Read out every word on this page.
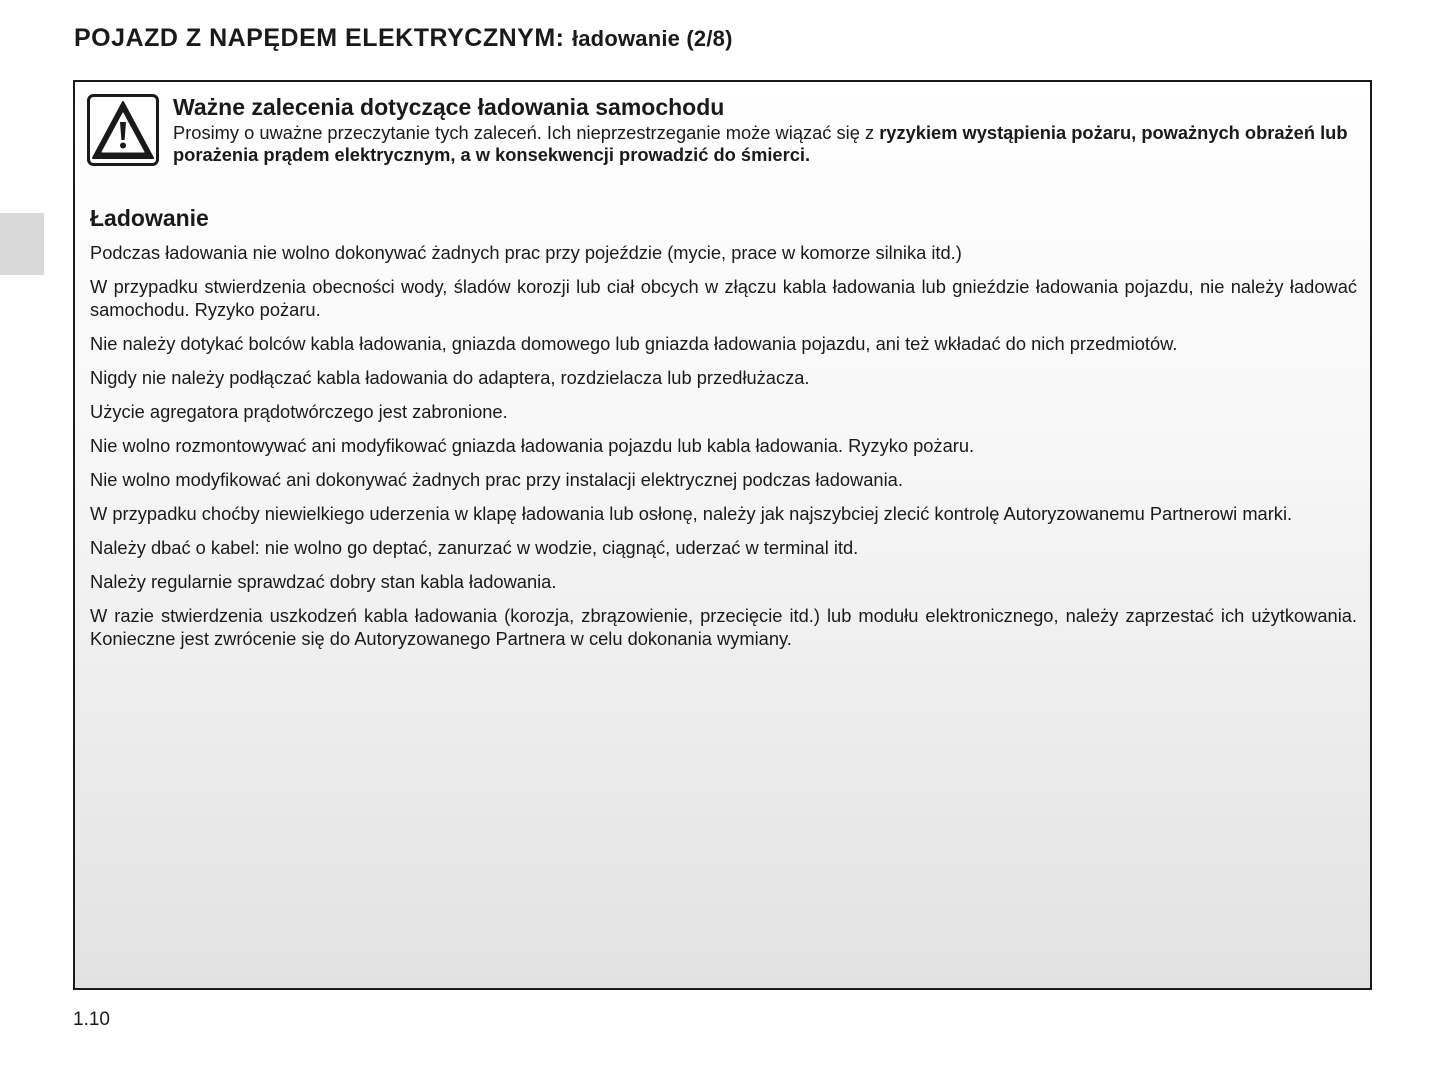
POJAZD Z NAPĘDEM ELEKTRYCZNYM: ładowanie (2/8)
Ważne zalecenia dotyczące ładowania samochodu

Prosimy o uważne przeczytanie tych zaleceń. Ich nieprzestrzeganie może wiązać się z ryzykiem wystąpienia pożaru, poważnych obrażeń lub porażenia prądem elektrycznym, a w konsekwencji prowadzić do śmierci.

Ładowanie

Podczas ładowania nie wolno dokonywać żadnych prac przy pojeździe (mycie, prace w komorze silnika itd.)

W przypadku stwierdzenia obecności wody, śladów korozji lub ciał obcych w złączu kabla ładowania lub gnieździe ładowania pojazdu, nie należy ładować samochodu. Ryzyko pożaru.

Nie należy dotykać bolców kabla ładowania, gniazda domowego lub gniazda ładowania pojazdu, ani też wkładać do nich przedmiotów.

Nigdy nie należy podłączać kabla ładowania do adaptera, rozdzielacza lub przedłużacza.

Użycie agregatora prądotwórczego jest zabronione.

Nie wolno rozmontowywać ani modyfikować gniazda ładowania pojazdu lub kabla ładowania. Ryzyko pożaru.

Nie wolno modyfikować ani dokonywać żadnych prac przy instalacji elektrycznej podczas ładowania.

W przypadku choćby niewielkiego uderzenia w klapę ładowania lub osłonę, należy jak najszybciej zlecić kontrolę Autoryzowanemu Partnerowi marki.

Należy dbać o kabel: nie wolno go deptać, zanurzać w wodzie, ciągnąć, uderzać w terminal itd.

Należy regularnie sprawdzać dobry stan kabla ładowania.

W razie stwierdzenia uszkodzeń kabla ładowania (korozja, zbrązowienie, przecięcie itd.) lub modułu elektronicznego, należy zaprzestać ich użytkowania. Konieczne jest zwrócenie się do Autoryzowanego Partnera w celu dokonania wymiany.

1.10
